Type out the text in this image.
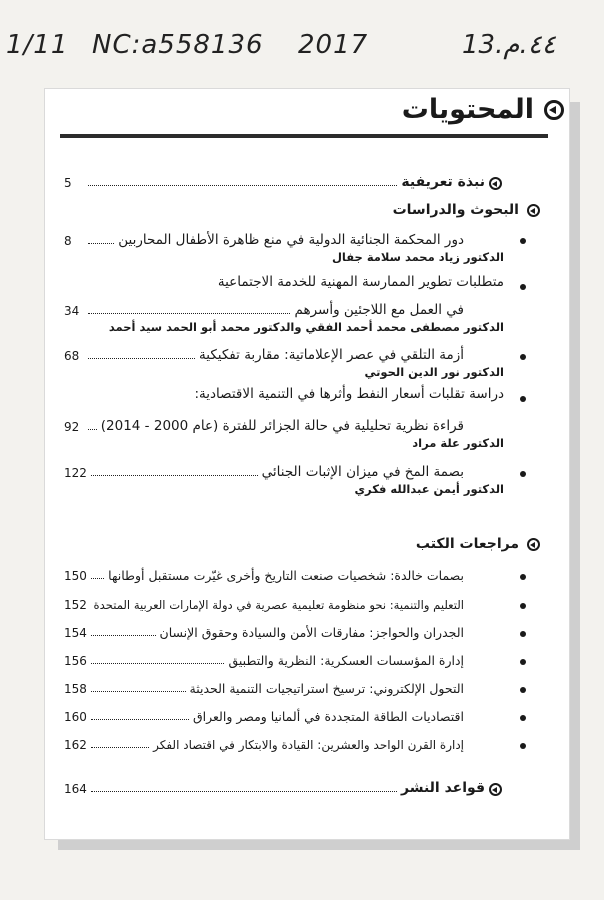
1/11 NC:a558136 2017	13.٤٤.م
المحتويات
نبذة تعريفية
5
البحوث والدراسات
دور المحكمة الجنائية الدولية في منع ظاهرة الأطفال المحاربين
8
الدكتور زياد محمد سلامة جفال
متطلبات تطوير الممارسة المهنية للخدمة الاجتماعية
في العمل مع اللاجئين وأسرهم
34
الدكتور مصطفى محمد أحمد الفقي والدكتور محمد أبو الحمد سيد أحمد
أزمة التلقي في عصر الإعلاماتية: مقاربة تفكيكية
68
الدكتور نور الدين الحوتي
دراسة تقلبات أسعار النفط وأثرها في التنمية الاقتصادية:
قراءة نظرية تحليلية في حالة الجزائر للفترة (عام 2000 - 2014)
92
الدكتور علة مراد
بصمة المخ في ميزان الإثبات الجنائي
122
الدكتور أيمن عبدالله فكري
مراجعات الكتب
بصمات خالدة: شخصيات صنعت التاريخ وأخرى غيّرت مستقبل أوطانها
150
التعليم والتنمية: نحو منظومة تعليمية عصرية في دولة الإمارات العربية المتحدة
152
الجدران والحواجز: مفارقات الأمن والسيادة وحقوق الإنسان
154
إدارة المؤسسات العسكرية: النظرية والتطبيق
156
التحول الإلكتروني: ترسيخ استراتيجيات التنمية الحديثة
158
اقتصاديات الطاقة المتجددة في ألمانيا ومصر والعراق
160
إدارة القرن الواحد والعشرين: القيادة والابتكار في اقتصاد الفكر
162
قواعد النشر
164
